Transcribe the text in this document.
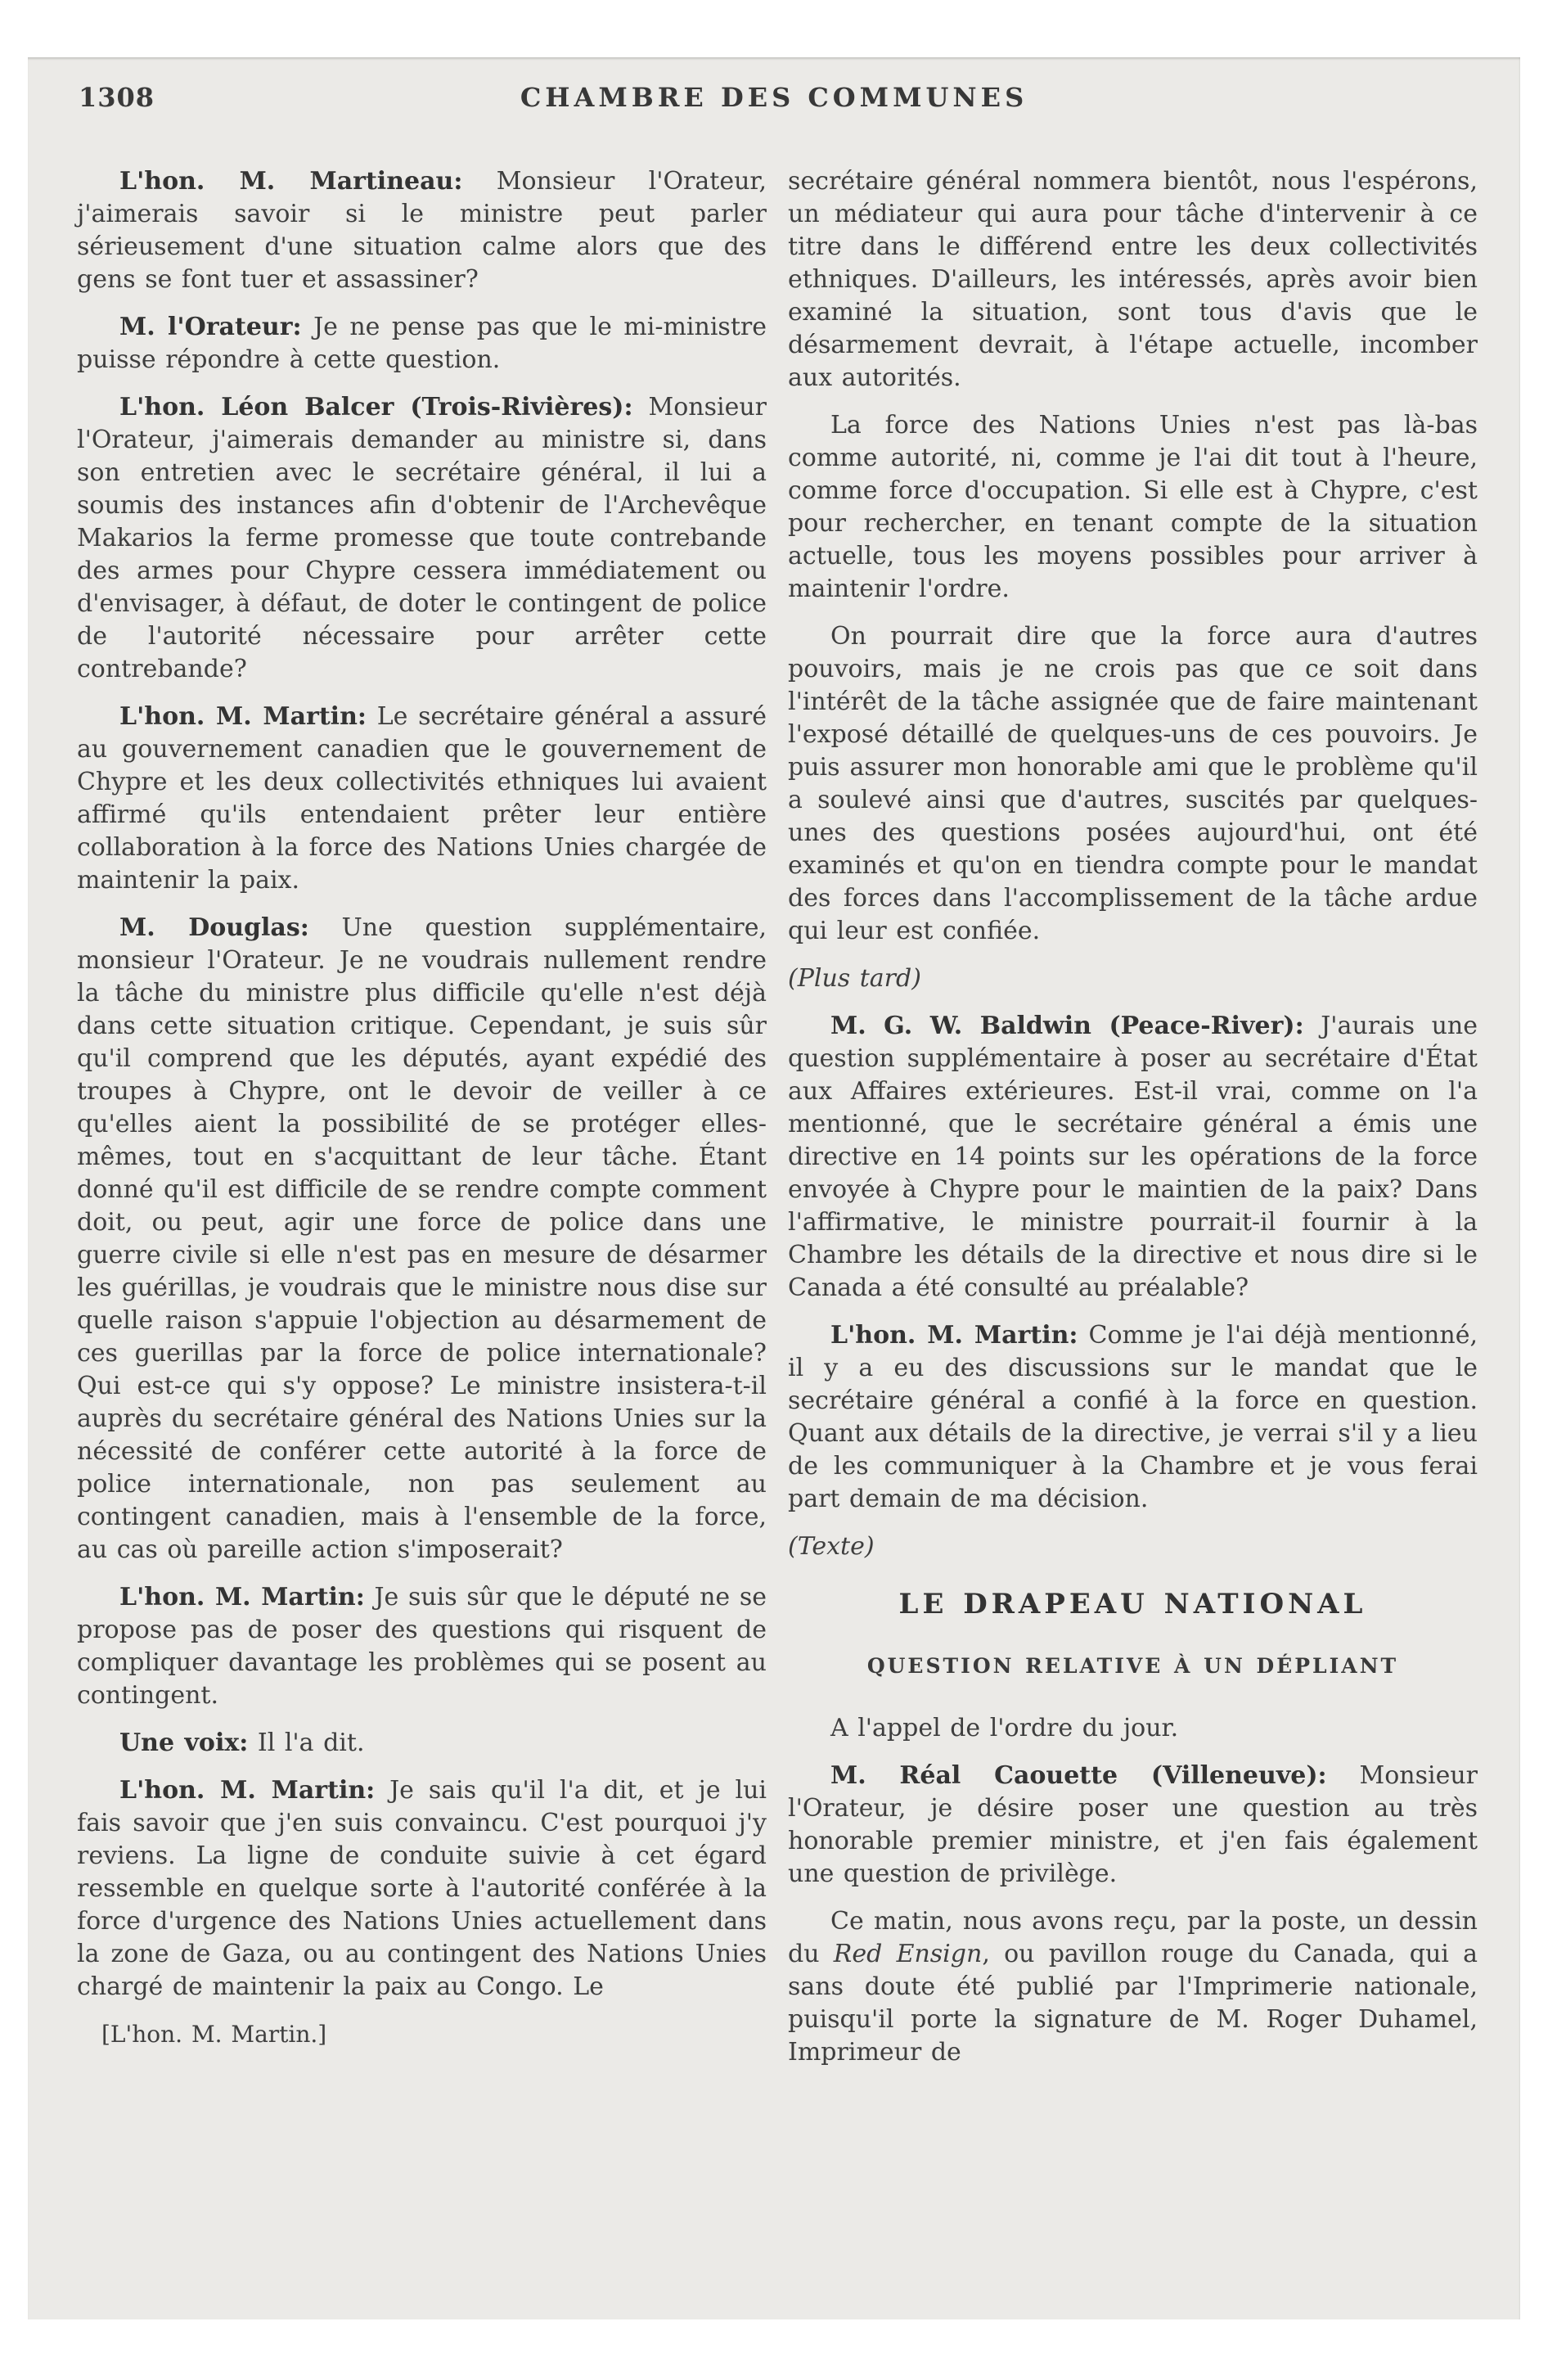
1308	CHAMBRE DES COMMUNES

L'hon. M. Martineau: Monsieur l'Orateur, j'aimerais savoir si le ministre peut parler sérieusement d'une situation calme alors que des gens se font tuer et assassiner?

M. l'Orateur: Je ne pense pas que le mi-ministre puisse répondre à cette question.

L'hon. Léon Balcer (Trois-Rivières): Monsieur l'Orateur, j'aimerais demander au ministre si, dans son entretien avec le secrétaire général, il lui a soumis des instances afin d'obtenir de l'Archevêque Makarios la ferme promesse que toute contrebande des armes pour Chypre cessera immédiatement ou d'envisager, à défaut, de doter le contingent de police de l'autorité nécessaire pour arrêter cette contrebande?

L'hon. M. Martin: Le secrétaire général a assuré au gouvernement canadien que le gouvernement de Chypre et les deux collectivités ethniques lui avaient affirmé qu'ils entendaient prêter leur entière collaboration à la force des Nations Unies chargée de maintenir la paix.

M. Douglas: Une question supplémentaire, monsieur l'Orateur. Je ne voudrais nullement rendre la tâche du ministre plus difficile qu'elle n'est déjà dans cette situation critique. Cependant, je suis sûr qu'il comprend que les députés, ayant expédié des troupes à Chypre, ont le devoir de veiller à ce qu'elles aient la possibilité de se protéger elles-mêmes, tout en s'acquittant de leur tâche. Étant donné qu'il est difficile de se rendre compte comment doit, ou peut, agir une force de police dans une guerre civile si elle n'est pas en mesure de désarmer les guérillas, je voudrais que le ministre nous dise sur quelle raison s'appuie l'objection au désarmement de ces guerillas par la force de police internationale? Qui est-ce qui s'y oppose? Le ministre insistera-t-il auprès du secrétaire général des Nations Unies sur la nécessité de conférer cette autorité à la force de police internationale, non pas seulement au contingent canadien, mais à l'ensemble de la force, au cas où pareille action s'imposerait?

L'hon. M. Martin: Je suis sûr que le député ne se propose pas de poser des questions qui risquent de compliquer davantage les problèmes qui se posent au contingent.

Une voix: Il l'a dit.

L'hon. M. Martin: Je sais qu'il l'a dit, et je lui fais savoir que j'en suis convaincu. C'est pourquoi j'y reviens. La ligne de conduite suivie à cet égard ressemble en quelque sorte à l'autorité conférée à la force d'urgence des Nations Unies actuellement dans la zone de Gaza, ou au contingent des Nations Unies chargé de maintenir la paix au Congo. Le

[L'hon. M. Martin.]

secrétaire général nommera bientôt, nous l'espérons, un médiateur qui aura pour tâche d'intervenir à ce titre dans le différend entre les deux collectivités ethniques. D'ailleurs, les intéressés, après avoir bien examiné la situation, sont tous d'avis que le désarmement devrait, à l'étape actuelle, incomber aux autorités.

La force des Nations Unies n'est pas là-bas comme autorité, ni, comme je l'ai dit tout à l'heure, comme force d'occupation. Si elle est à Chypre, c'est pour rechercher, en tenant compte de la situation actuelle, tous les moyens possibles pour arriver à maintenir l'ordre.

On pourrait dire que la force aura d'autres pouvoirs, mais je ne crois pas que ce soit dans l'intérêt de la tâche assignée que de faire maintenant l'exposé détaillé de quelques-uns de ces pouvoirs. Je puis assurer mon honorable ami que le problème qu'il a soulevé ainsi que d'autres, suscités par quelques-unes des questions posées aujourd'hui, ont été examinés et qu'on en tiendra compte pour le mandat des forces dans l'accomplissement de la tâche ardue qui leur est confiée.

(Plus tard)

M. G. W. Baldwin (Peace-River): J'aurais une question supplémentaire à poser au secrétaire d'État aux Affaires extérieures. Est-il vrai, comme on l'a mentionné, que le secrétaire général a émis une directive en 14 points sur les opérations de la force envoyée à Chypre pour le maintien de la paix? Dans l'affirmative, le ministre pourrait-il fournir à la Chambre les détails de la directive et nous dire si le Canada a été consulté au préalable?

L'hon. M. Martin: Comme je l'ai déjà mentionné, il y a eu des discussions sur le mandat que le secrétaire général a confié à la force en question. Quant aux détails de la directive, je verrai s'il y a lieu de les communiquer à la Chambre et je vous ferai part demain de ma décision.

(Texte)

LE DRAPEAU NATIONAL
QUESTION RELATIVE À UN DÉPLIANT

A l'appel de l'ordre du jour.

M. Réal Caouette (Villeneuve): Monsieur l'Orateur, je désire poser une question au très honorable premier ministre, et j'en fais également une question de privilège.

Ce matin, nous avons reçu, par la poste, un dessin du Red Ensign, ou pavillon rouge du Canada, qui a sans doute été publié par l'Imprimerie nationale, puisqu'il porte la signature de M. Roger Duhamel, Imprimeur de
